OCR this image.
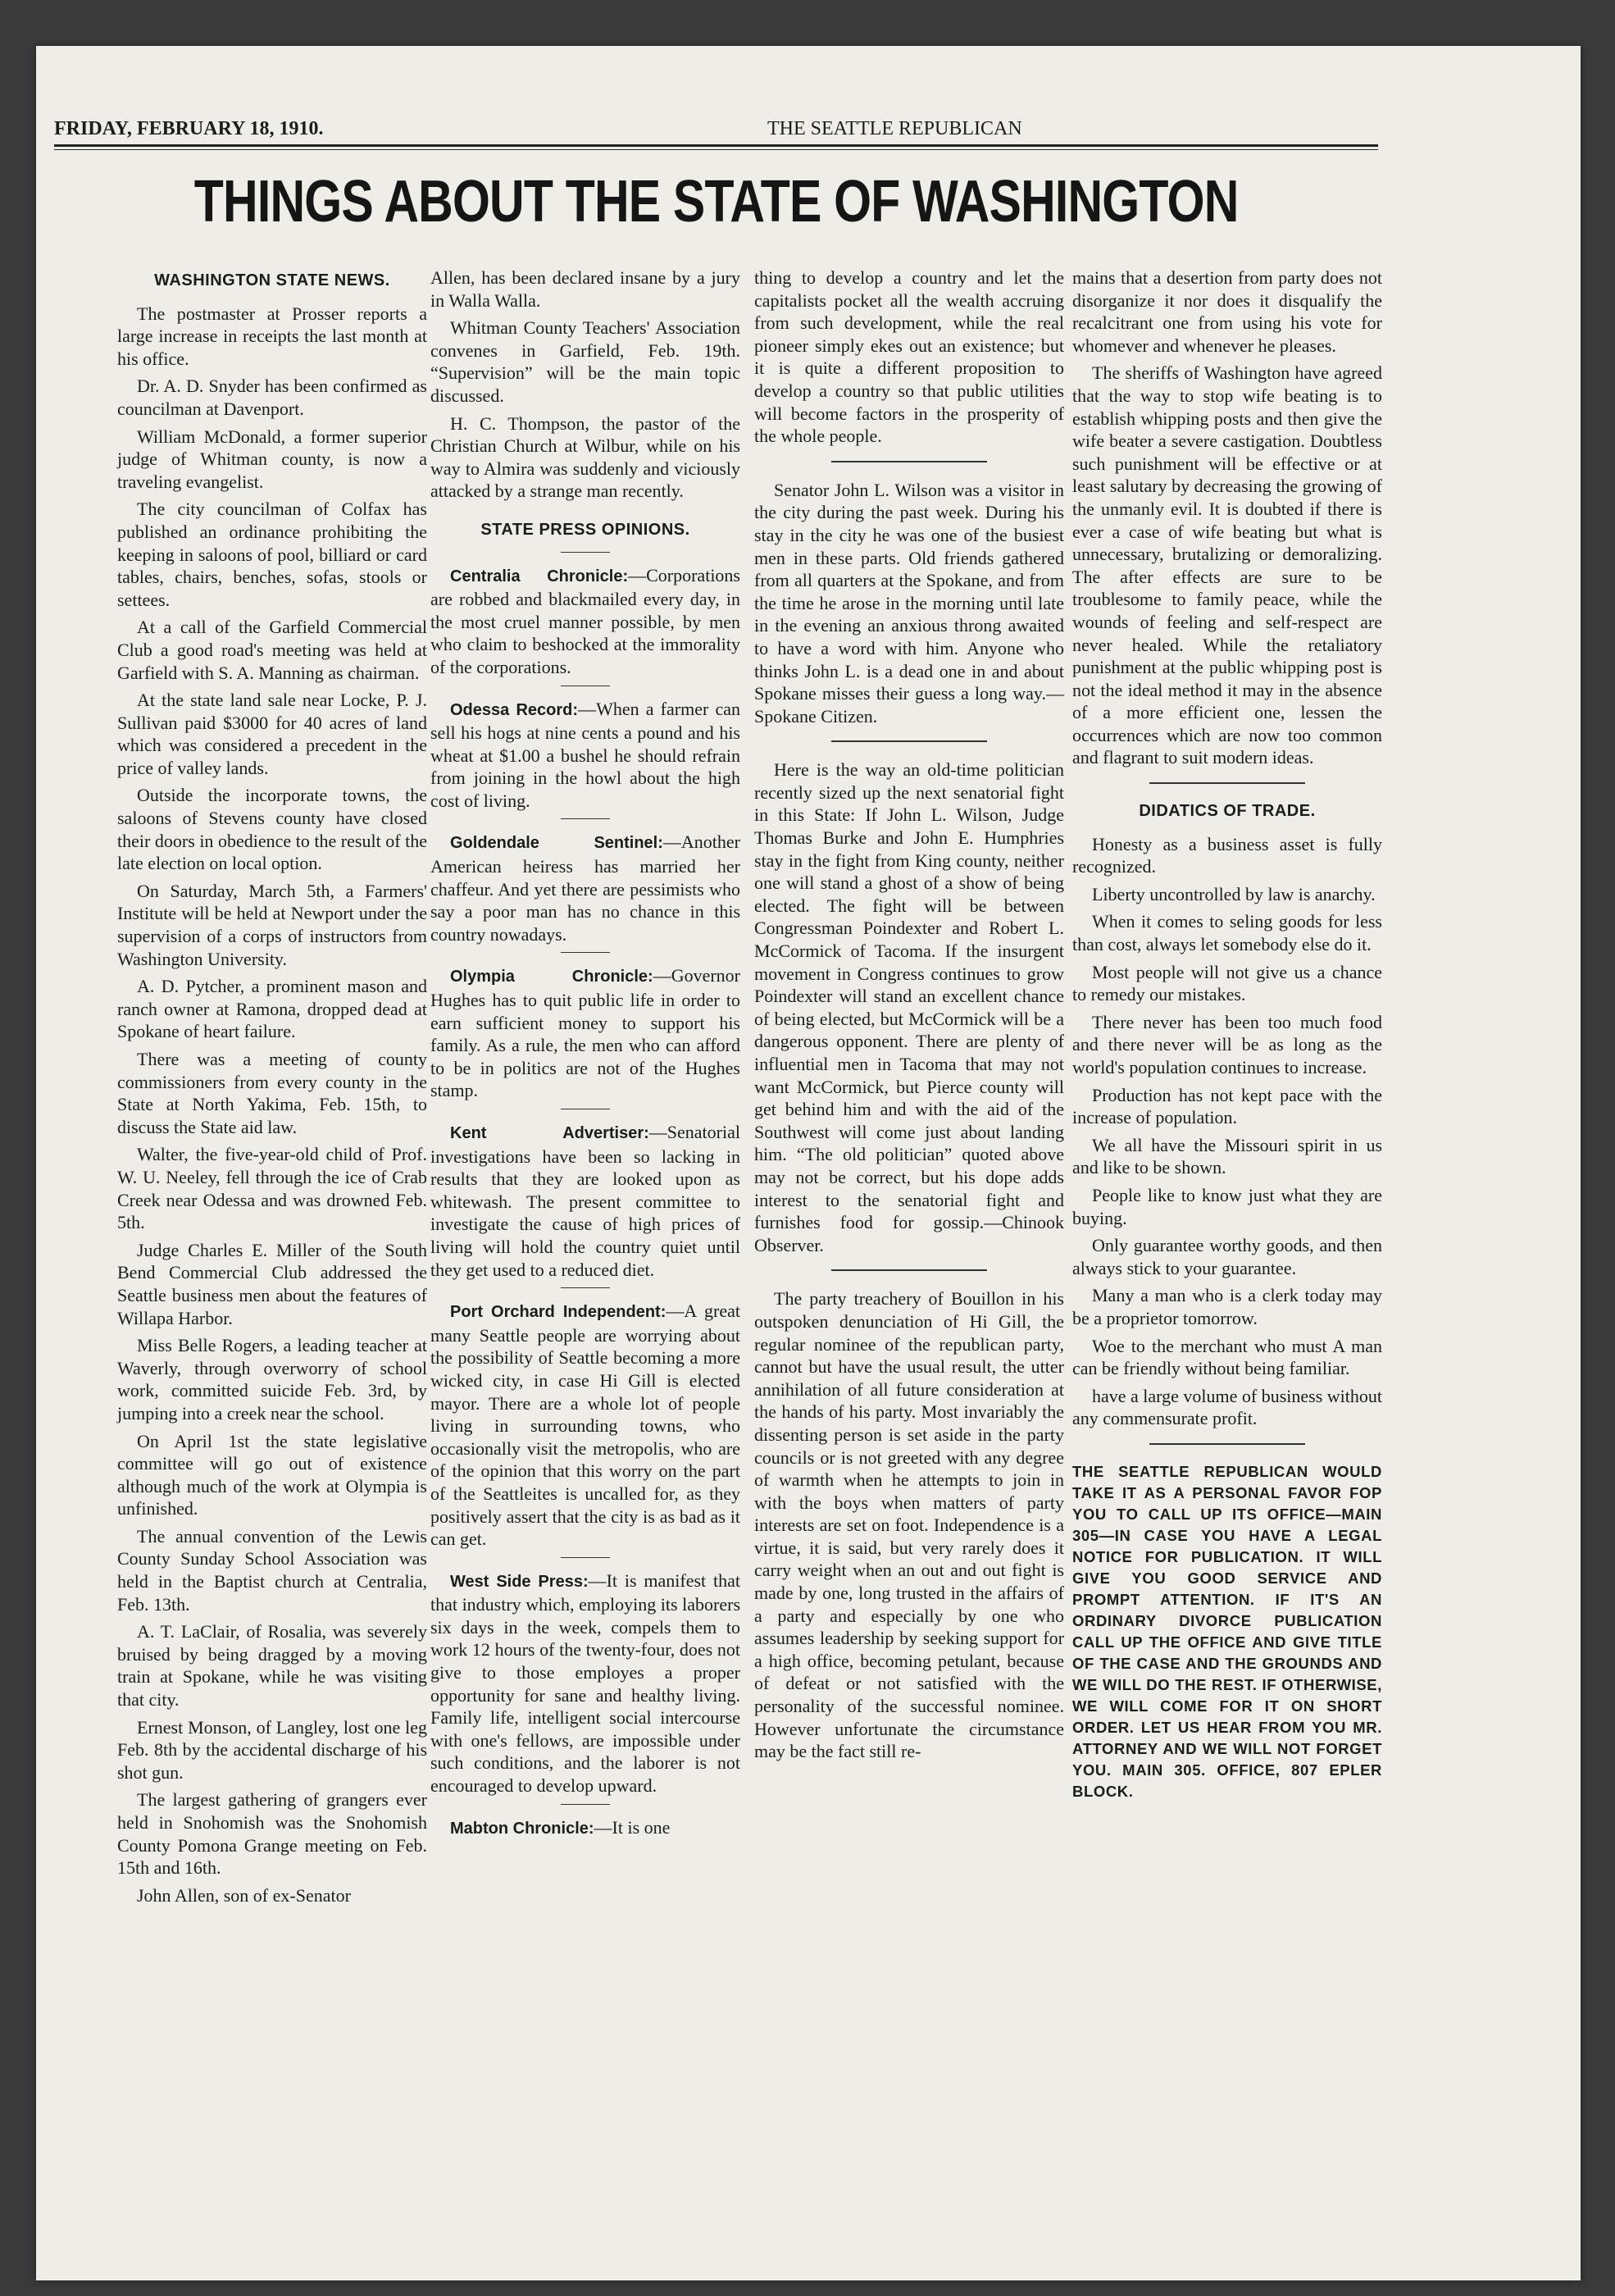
FRIDAY, FEBRUARY 18, 1910.	THE SEATTLE REPUBLICAN
THINGS ABOUT THE STATE OF WASHINGTON
WASHINGTON STATE NEWS.

The postmaster at Prosser reports a large increase in receipts the last month at his office.

Dr. A. D. Snyder has been confirmed as councilman at Davenport.

William McDonald, a former superior judge of Whitman county, is now a traveling evangelist.

The city councilman of Colfax has published an ordinance prohibiting the keeping in saloons of pool, billiard or card tables, chairs, benches, sofas, stools or settees.

At a call of the Garfield Commercial Club a good road's meeting was held at Garfield with S. A. Manning as chairman.

At the state land sale near Locke, P. J. Sullivan paid $3000 for 40 acres of land which was considered a precedent in the price of valley lands.

Outside the incorporate towns, the saloons of Stevens county have closed their doors in obedience to the result of the late election on local option.

On Saturday, March 5th, a Farmers' Institute will be held at Newport under the supervision of a corps of instructors from Washington University.

A. D. Pytcher, a prominent mason and ranch owner at Ramona, dropped dead at Spokane of heart failure.

There was a meeting of county commissioners from every county in the State at North Yakima, Feb. 15th, to discuss the State aid law.

Walter, the five-year-old child of Prof. W. U. Neeley, fell through the ice of Crab Creek near Odessa and was drowned Feb. 5th.

Judge Charles E. Miller of the South Bend Commercial Club addressed the Seattle business men about the features of Willapa Harbor.

Miss Belle Rogers, a leading teacher at Waverly, through overworry of school work, committed suicide Feb. 3rd, by jumping into a creek near the school.

On April 1st the state legislative committee will go out of existence although much of the work at Olympia is unfinished.

The annual convention of the Lewis County Sunday School Association was held in the Baptist church at Centralia, Feb. 13th.

A. T. LaClair, of Rosalia, was severely bruised by being dragged by a moving train at Spokane, while he was visiting that city.

Ernest Monson, of Langley, lost one leg Feb. 8th by the accidental discharge of his shot gun.

The largest gathering of grangers ever held in Snohomish was the Snohomish County Pomona Grange meeting on Feb. 15th and 16th.

John Allen, son of ex-Senator

Allen, has been declared insane by a jury in Walla Walla.

Whitman County Teachers' Association convenes in Garfield, Feb. 19th. “Supervision” will be the main topic discussed.

H. C. Thompson, the pastor of the Christian Church at Wilbur, while on his way to Almira was suddenly and viciously attacked by a strange man recently.

STATE PRESS OPINIONS.

Centralia Chronicle:—Corporations are robbed and blackmailed every day, in the most cruel manner possible, by men who claim to beshocked at the immorality of the corporations.

Odessa Record:—When a farmer can sell his hogs at nine cents a pound and his wheat at $1.00 a bushel he should refrain from joining in the howl about the high cost of living.

Goldendale Sentinel:—Another American heiress has married her chaffeur. And yet there are pessimists who say a poor man has no chance in this country nowadays.

Olympia Chronicle:—Governor Hughes has to quit public life in order to earn sufficient money to support his family. As a rule, the men who can afford to be in politics are not of the Hughes stamp.

Kent Advertiser:—Senatorial investigations have been so lacking in results that they are looked upon as whitewash. The present committee to investigate the cause of high prices of living will hold the country quiet until they get used to a reduced diet.

Port Orchard Independent:—A great many Seattle people are worrying about the possibility of Seattle becoming a more wicked city, in case Hi Gill is elected mayor. There are a whole lot of people living in surrounding towns, who occasionally visit the metropolis, who are of the opinion that this worry on the part of the Seattleites is uncalled for, as they positively assert that the city is as bad as it can get.

West Side Press:—It is manifest that that industry which, employing its laborers six days in the week, compels them to work 12 hours of the twenty-four, does not give to those employes a proper opportunity for sane and healthy living. Family life, intelligent social intercourse with one's fellows, are impossible under such conditions, and the laborer is not encouraged to develop upward.

Mabton Chronicle:—It is one

thing to develop a country and let the capitalists pocket all the wealth accruing from such development, while the real pioneer simply ekes out an existence; but it is quite a different proposition to develop a country so that public utilities will become factors in the prosperity of the whole people.

Senator John L. Wilson was a visitor in the city during the past week. During his stay in the city he was one of the busiest men in these parts. Old friends gathered from all quarters at the Spokane, and from the time he arose in the morning until late in the evening an anxious throng awaited to have a word with him. Anyone who thinks John L. is a dead one in and about Spokane misses their guess a long way.—Spokane Citizen.

Here is the way an old-time politician recently sized up the next senatorial fight in this State: If John L. Wilson, Judge Thomas Burke and John E. Humphries stay in the fight from King county, neither one will stand a ghost of a show of being elected. The fight will be between Congressman Poindexter and Robert L. McCormick of Tacoma. If the insurgent movement in Congress continues to grow Poindexter will stand an excellent chance of being elected, but McCormick will be a dangerous opponent. There are plenty of influential men in Tacoma that may not want McCormick, but Pierce county will get behind him and with the aid of the Southwest will come just about landing him. “The old politician” quoted above may not be correct, but his dope adds interest to the senatorial fight and furnishes food for gossip.—Chinook Observer.

The party treachery of Bouillon in his outspoken denunciation of Hi Gill, the regular nominee of the republican party, cannot but have the usual result, the utter annihilation of all future consideration at the hands of his party. Most invariably the dissenting person is set aside in the party councils or is not greeted with any degree of warmth when he attempts to join in with the boys when matters of party interests are set on foot. Independence is a virtue, it is said, but very rarely does it carry weight when an out and out fight is made by one, long trusted in the affairs of a party and especially by one who assumes leadership by seeking support for a high office, becoming petulant, because of defeat or not satisfied with the personality of the successful nominee. However unfortunate the circumstance may be the fact still re-

mains that a desertion from party does not disorganize it nor does it disqualify the recalcitrant one from using his vote for whomever and whenever he pleases.

The sheriffs of Washington have agreed that the way to stop wife beating is to establish whipping posts and then give the wife beater a severe castigation. Doubtless such punishment will be effective or at least salutary by decreasing the growing of the unmanly evil. It is doubted if there is ever a case of wife beating but what is unnecessary, brutalizing or demoralizing. The after effects are sure to be troublesome to family peace, while the wounds of feeling and self-respect are never healed. While the retaliatory punishment at the public whipping post is not the ideal method it may in the absence of a more efficient one, lessen the occurrences which are now too common and flagrant to suit modern ideas.

DIDATICS OF TRADE.

Honesty as a business asset is fully recognized.

Liberty uncontrolled by law is anarchy.

When it comes to seling goods for less than cost, always let somebody else do it.

Most people will not give us a chance to remedy our mistakes.

There never has been too much food and there never will be as long as the world's population continues to increase.

Production has not kept pace with the increase of population.

We all have the Missouri spirit in us and like to be shown.

People like to know just what they are buying.

Only guarantee worthy goods, and then always stick to your guarantee.

Many a man who is a clerk today may be a proprietor tomorrow.

Woe to the merchant who must A man can be friendly without being familiar.

have a large volume of business without any commensurate profit.

THE SEATTLE REPUBLICAN WOULD TAKE IT AS A PERSONAL FAVOR FOP YOU TO CALL UP ITS OFFICE—MAIN 305—IN CASE YOU HAVE A LEGAL NOTICE FOR PUBLICATION. IT WILL GIVE YOU GOOD SERVICE AND PROMPT ATTENTION. IF IT'S AN ORDINARY DIVORCE PUBLICATION CALL UP THE OFFICE AND GIVE TITLE OF THE CASE AND THE GROUNDS AND WE WILL DO THE REST. IF OTHERWISE, WE WILL COME FOR IT ON SHORT ORDER. LET US HEAR FROM YOU MR. ATTORNEY AND WE WILL NOT FORGET YOU. MAIN 305. OFFICE, 807 EPLER BLOCK.
